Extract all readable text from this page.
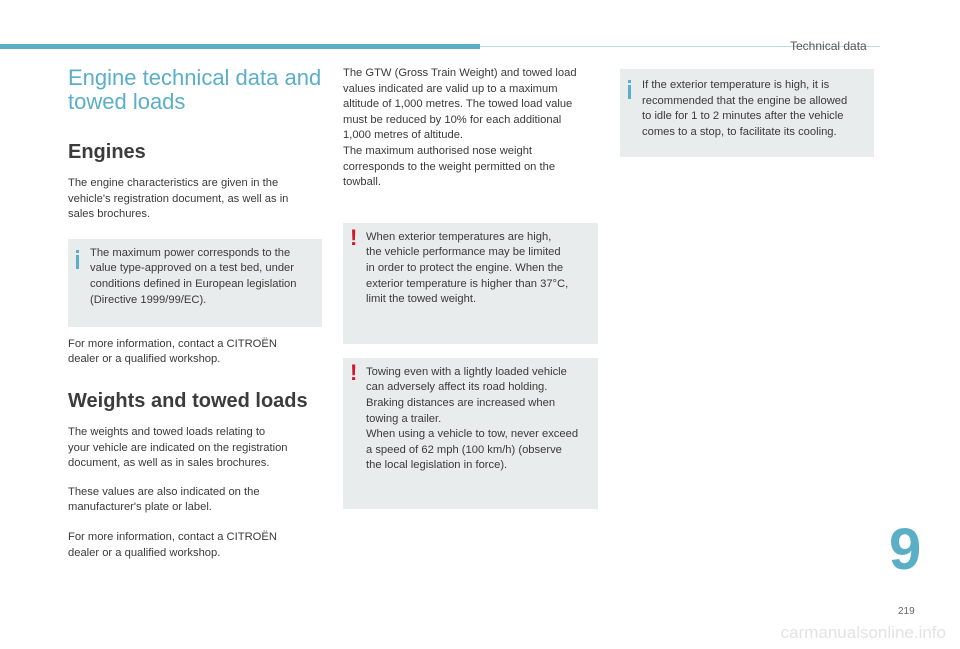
Technical data
Engine technical data and
towed loads
Engines
The engine characteristics are given in the
vehicle's registration document, as well as in
sales brochures.
The maximum power corresponds to the
value type-approved on a test bed, under
conditions defined in European legislation
(Directive 1999/99/EC).
For more information, contact a CITROËN
dealer or a qualified workshop.
Weights and towed loads
The weights and towed loads relating to
your vehicle are indicated on the registration
document, as well as in sales brochures.
These values are also indicated on the
manufacturer's plate or label.
For more information, contact a CITROËN
dealer or a qualified workshop.
The GTW (Gross Train Weight) and towed load
values indicated are valid up to a maximum
altitude of 1,000 metres. The towed load value
must be reduced by 10% for each additional
1,000 metres of altitude.
The maximum authorised nose weight
corresponds to the weight permitted on the
towball.
! When exterior temperatures are high,
the vehicle performance may be limited
in order to protect the engine. When the
exterior temperature is higher than 37°C,
limit the towed weight.
! Towing even with a lightly loaded vehicle
can adversely affect its road holding.
Braking distances are increased when
towing a trailer.
When using a vehicle to tow, never exceed
a speed of 62 mph (100 km/h) (observe
the local legislation in force).
If the exterior temperature is high, it is
recommended that the engine be allowed
to idle for 1 to 2 minutes after the vehicle
comes to a stop, to facilitate its cooling.
9
219
carmanualsonline.info
